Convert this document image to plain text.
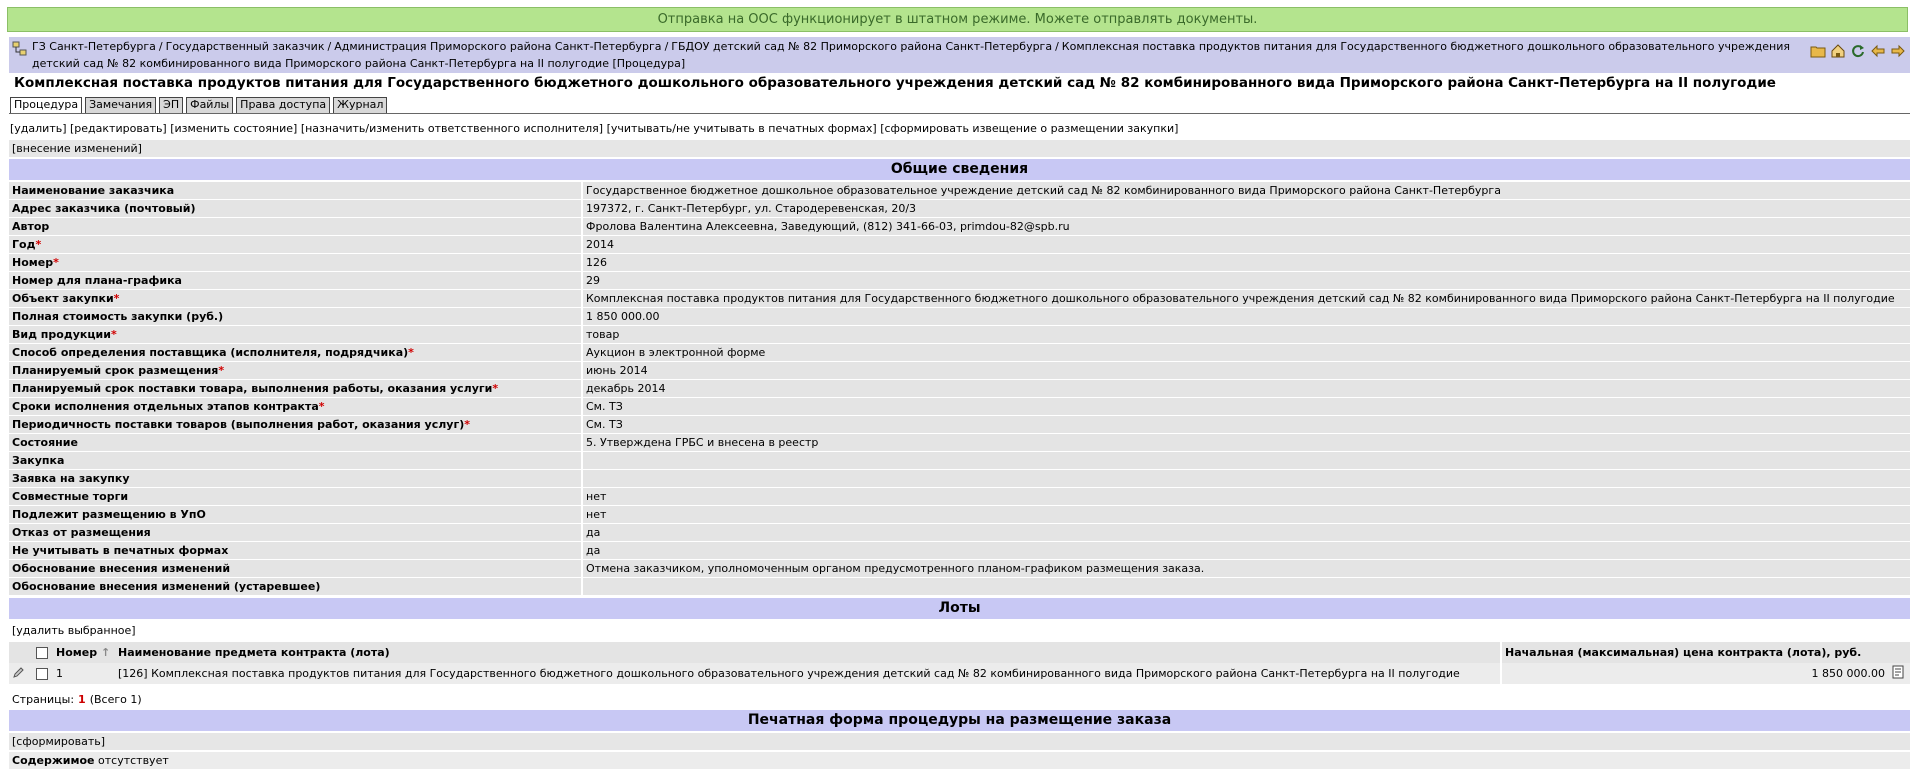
Отправка на ООС функционирует в штатном режиме. Можете отправлять документы.
ГЗ Санкт-Петербурга / Государственный заказчик / Администрация Приморского района Санкт-Петербурга / ГБДОУ детский сад № 82 Приморского района Санкт-Петербурга / Комплексная поставка продуктов питания для Государственного бюджетного дошкольного образовательного учреждения детский сад № 82 комбинированного вида Приморского района Санкт-Петербурга на II полугодие [Процедура]
Комплексная поставка продуктов питания для Государственного бюджетного дошкольного образовательного учреждения детский сад № 82 комбинированного вида Приморского района Санкт-Петербурга на II полугодие
Процедура	Замечания	ЭП	Файлы	Права доступа	Журнал
[удалить] [редактировать] [изменить состояние] [назначить/изменить ответственного исполнителя] [учитывать/не учитывать в печатных формах] [сформировать извещение о размещении закупки]
[внесение изменений]
Общие сведения
Наименование заказчика	Государственное бюджетное дошкольное образовательное учреждение детский сад № 82 комбинированного вида Приморского района Санкт-Петербурга
Адрес заказчика (почтовый)	197372, г. Санкт-Петербург, ул. Стародеревенская, 20/3
Автор	Фролова Валентина Алексеевна, Заведующий, (812) 341-66-03, primdou-82@spb.ru
Год*	2014
Номер*	126
Номер для плана-графика	29
Объект закупки*	Комплексная поставка продуктов питания для Государственного бюджетного дошкольного образовательного учреждения детский сад № 82 комбинированного вида Приморского района Санкт-Петербурга на II полугодие
Полная стоимость закупки (руб.)	1 850 000.00
Вид продукции*	товар
Способ определения поставщика (исполнителя, подрядчика)*	Аукцион в электронной форме
Планируемый срок размещения*	июнь 2014
Планируемый срок поставки товара, выполнения работы, оказания услуги*	декабрь 2014
Сроки исполнения отдельных этапов контракта*	См. ТЗ
Периодичность поставки товаров (выполнения работ, оказания услуг)*	См. ТЗ
Состояние	5. Утверждена ГРБС и внесена в реестр
Закупка	
Заявка на закупку	
Совместные торги	нет
Подлежит размещению в УпО	нет
Отказ от размещения	да
Не учитывать в печатных формах	да
Обоснование внесения изменений	Отмена заказчиком, уполномоченным органом предусмотренного планом-графиком размещения заказа.
Обоснование внесения изменений (устаревшее)	
Лоты
[удалить выбранное]
		Номер ↑	Наименование предмета контракта (лота)	Начальная (максимальная) цена контракта (лота), руб.	
		1	[126] Комплексная поставка продуктов питания для Государственного бюджетного дошкольного образовательного учреждения детский сад № 82 комбинированного вида Приморского района Санкт-Петербурга на II полугодие	1 850 000.00	
Страницы: 1 (Всего 1)
Печатная форма процедуры на размещение заказа
[сформировать]
Содержимое отсутствует
